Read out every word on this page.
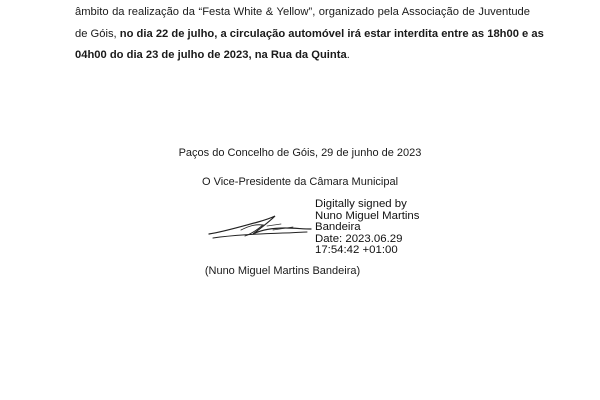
âmbito da realização da “Festa White & Yellow”, organizado pela Associação de Juventude
de Góis, no dia 22 de julho, a circulação automóvel irá estar interdita entre as 18h00 e as
04h00 do dia 23 de julho de 2023, na Rua da Quinta.
Paços do Concelho de Góis, 29 de junho de 2023
O Vice-Presidente da Câmara Municipal
Digitally signed by
Nuno Miguel Martins
Bandeira
Date: 2023.06.29
17:54:42 +01:00
(Nuno Miguel Martins Bandeira)
